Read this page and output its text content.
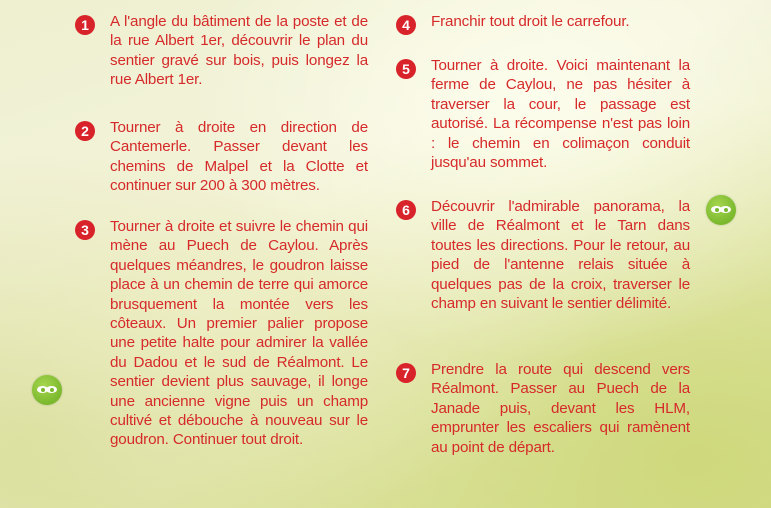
1	A l'angle du bâtiment de la poste et de la rue Albert 1er, découvrir le plan du sentier gravé sur bois, puis longez la rue Albert 1er.
2	Tourner à droite en direction de Cantemerle. Passer devant les chemins de Malpel et la Clotte et continuer sur 200 à 300 mètres.
3	Tourner à droite et suivre le chemin qui mène au Puech de Caylou. Après quelques méandres, le goudron laisse place à un chemin de terre qui amorce brusquement la montée vers les côteaux. Un premier palier propose une petite halte pour admirer la vallée du Dadou et le sud de Réalmont. Le sentier devient plus sauvage, il longe une ancienne vigne puis un champ cultivé et débouche à nouveau sur le goudron. Continuer tout droit.
4	Franchir tout droit le carrefour.
5	Tourner à droite. Voici maintenant la ferme de Caylou, ne pas hésiter à traverser la cour, le passage est autorisé. La récompense n'est pas loin : le chemin en colimaçon conduit jusqu'au sommet.
6	Découvrir l'admirable panorama, la ville de Réalmont et le Tarn dans toutes les directions. Pour le retour, au pied de l'antenne relais située à quelques pas de la croix, traverser le champ en suivant le sentier délimité.
7	Prendre la route qui descend vers Réalmont. Passer au Puech de la Janade puis, devant les HLM, emprunter les escaliers qui ramènent au point de départ.
